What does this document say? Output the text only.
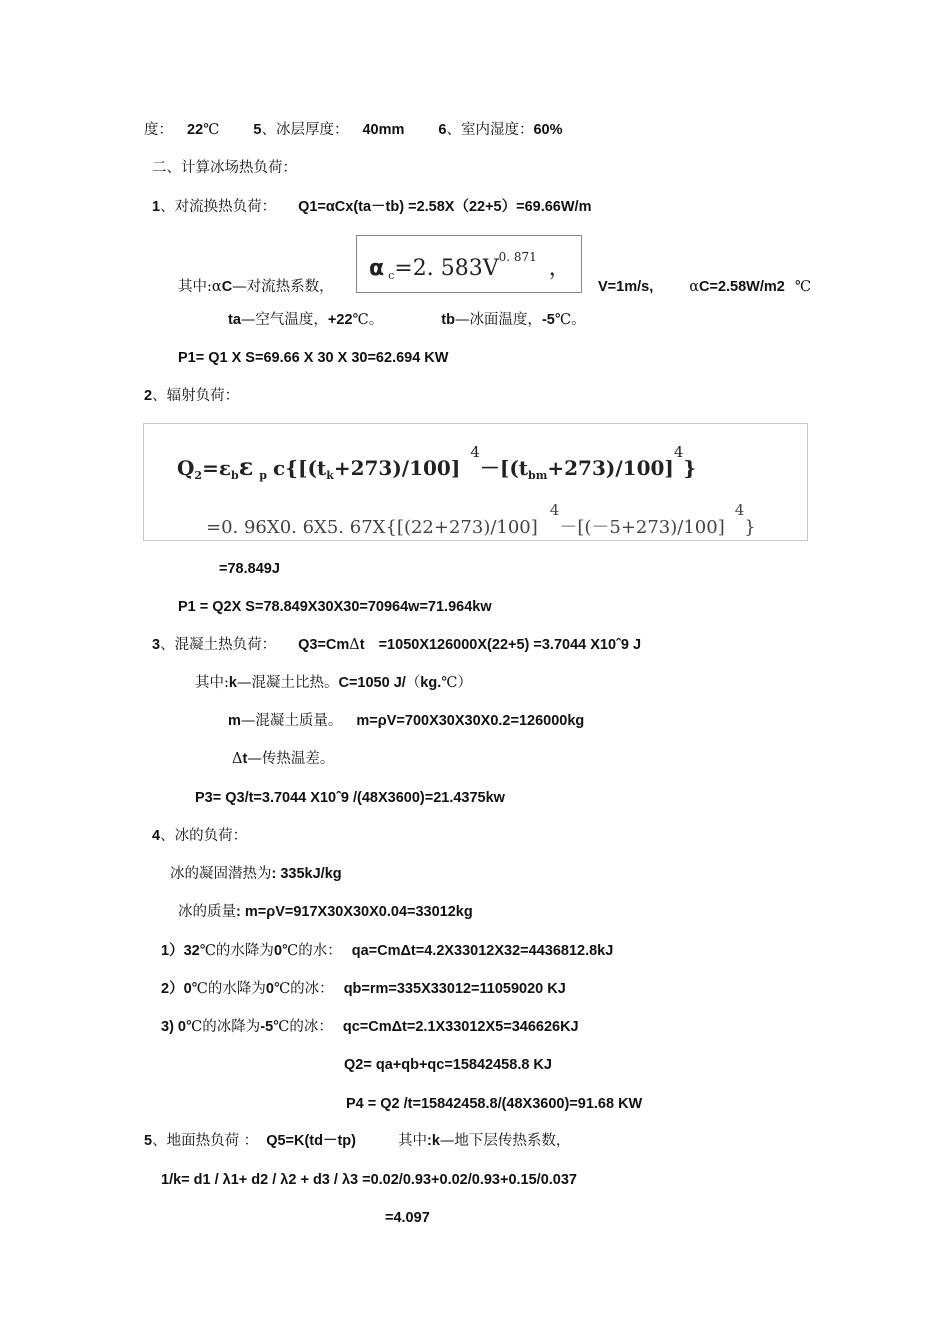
度： 22℃ 5、冰层厚度： 40mm 6、室内湿度：60%
二、计算冰场热负荷：
1、对流换热负荷： Q1=αCx(ta－tb) =2.58X（22+5）=69.66W/m
α $_c$=2. $583V^{0. 871}$ ，
其中:αC—对流热系数，	V=1m/s, αC=2.58W/m2 ℃
ta—空气温度，+22℃。	tb—冰面温度，-5℃。
P1= Q1 X S=69.66 X 30 X 30=62.694 KW
2、辐射负荷：
$Q_2=\varepsilon_b\varepsilon$ $_p$ $c\{[(t_k+273)/100]^4-[(t_{bm}+273)/100]^4\}$
=0. 96X0. 6X5. $67X\{[(22+273)/100]^4-[(-5+273)/100]^4\}$
=78.849J
P1 = Q2X S=78.849X30X30=70964w=71.964kw
3、混凝土热负荷： Q3=CmΔt =1050X126000X(22+5) =3.7044 X10ˆ9 J
其中:k—混凝土比热。C=1050 J/（kg.℃）
m—混凝土质量。 m=ρV=700X30X30X0.2=126000kg
Δt—传热温差。
P3= Q3/t=3.7044 X10ˆ9 /(48X3600)=21.4375kw
4、冰的负荷：
冰的凝固潜热为: 335kJ/kg
冰的质量: m=ρV=917X30X30X0.04=33012kg
1）32℃的水降为0℃的水： qa=CmΔt=4.2X33012X32=4436812.8kJ
2）0℃的水降为0℃的冰： qb=rm=335X33012=11059020 KJ
3) 0℃的冰降为-5℃的冰： qc=CmΔt=2.1X33012X5=346626KJ
Q2= qa+qb+qc=15842458.8 KJ
P4 = Q2 /t=15842458.8/(48X3600)=91.68 KW
5、地面热负荷 ： Q5=K(td－tp)	其中:k—地下层传热系数，
1/k= d1 / λ1+ d2 / λ2 + d3 / λ3 =0.02/0.93+0.02/0.93+0.15/0.037
=4.097
